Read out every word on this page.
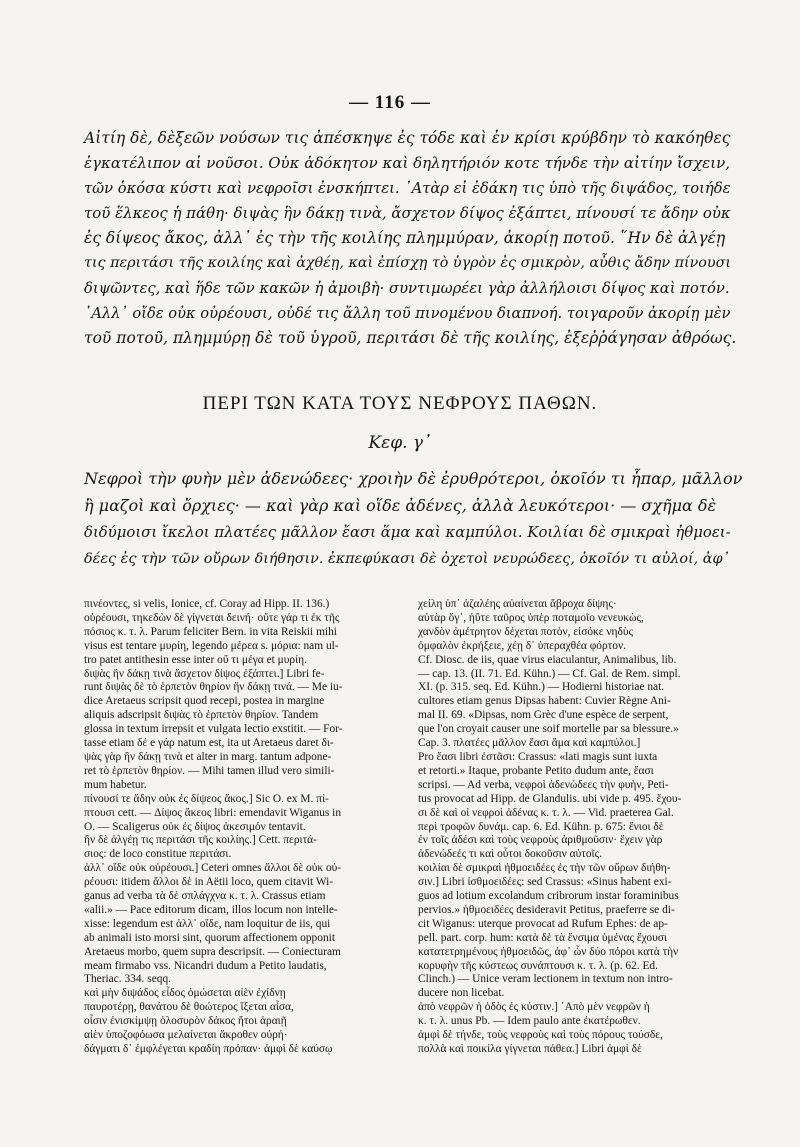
— 116 —
Αἰτίη δὲ, δὲξεῶν νούσων τις ἀπέσκηψε ἐς τόδε καὶ ἐν κρίσι κρύβδην τὸ κακόηθες
ἐγκατέλιπον αἱ νοῦσοι. Οὐκ ἀδόκητον καὶ δηλητήριόν κοτε τήνδε τὴν αἰτίην ἴσχειν,
τῶν ὁκόσα κύστι καὶ νεφροῖσι ἐνσκήπτει. ᾽Ατὰρ εἰ ἐδάκη τις ὑπὸ τῆς διψάδος, τοιήδε
τοῦ ἕλκεος ἡ πάθη· διψὰς ἣν δάκῃ τινὰ, ἄσχετον δίψος ἐξάπτει, πίνουσί τε ἄδην οὐκ
ἐς δίψεος ἄκος, ἀλλ᾽ ἐς τὴν τῆς κοιλίης πλημμύραν, ἀκορίῃ ποτοῦ. ῞Ην δὲ ἀλγέῃ
τις περιτάσι τῆς κοιλίης καὶ ἀχθέῃ, καὶ ἐπίσχῃ τὸ ὑγρὸν ἐς σμικρὸν, αὖθις ἄδην πίνουσι
διψῶντες, καὶ ἥδε τῶν κακῶν ἡ ἀμοιβὴ· συντιμωρέει γὰρ ἀλλήλοισι δίψος καὶ ποτόν.
᾽Αλλ᾽ οἴδε οὐκ οὐρέουσι, οὐδέ τις ἄλλη τοῦ πινομένου διαπνοή. τοιγαροῦν ἀκορίῃ μὲν
τοῦ ποτοῦ, πλημμύρῃ δὲ τοῦ ὑγροῦ, περιτάσι δὲ τῆς κοιλίης, ἐξεῤῥάγησαν ἀθρόως.
ΠΕΡΙ ΤΩΝ ΚΑΤΑ ΤΟΥΣ ΝΕΦΡΟΥΣ ΠΑΘΩΝ.
Κεφ. γ᾽
Νεφροὶ τὴν φυὴν μὲν ἀδενώδεες· χροιὴν δὲ ἐρυθρότεροι, ὁκοῖόν τι ἧπαρ, μᾶλλον
ἢ μαζοὶ καὶ ὄρχιες· — καὶ γὰρ καὶ οἵδε ἀδένες, ἀλλὰ λευκότεροι· — σχῆμα δὲ
διδύμοισι ἴκελοι πλατέες μᾶλλον ἔασι ἅμα καὶ καμπύλοι. Κοιλίαι δὲ σμικραὶ ἠθμοει-
δέες ἐς τὴν τῶν οὔρων διήθησιν. ἐκπεφύκασι δὲ ὀχετοὶ νευρώδεες, ὁκοῖόν τι αὐλοί, ἀφ᾽
πινέοντες, si velis, Ionice, cf. Coray ad Hipp. II. 136.)
οὐρέουσι, τηκεδὼν δὲ γίγνεται δεινή· οὔτε γάρ τι ἐκ τῆς
πόσιος κ. τ. λ. Parum feliciter Bern. in vita Reiskii mihi
visus est tentare μυρίη, legendo μέρεα s. μόρια: nam ul-
tro patet antithesin esse inter οὔ τι μέγα et μυρίη.
διψὰς ἣν δάκῃ τινὰ ἄσχετον δίψος ἐξάπτει.] Libri fe-
runt διψὰς δὲ τὸ ἑρπετὸν θηρίον ἣν δάκῃ τινά. — Me iu-
dice Aretaeus scripsit quod recepi, postea in margine
aliquis adscripsit διψὰς τὸ ἑρπετὸν θηρίον. Tandem
glossa in textum irrepsit et vulgata lectio exstitit. — For-
tasse etiam δέ e γάρ natum est, ita ut Aretaeus daret δι-
ψὰς γὰρ ἣν δάκῃ τινὰ et alter in marg. tantum adpone-
ret τὸ ἑρπετὸν θηρίον. — Mihi tamen illud vero simili-
mum habetur.
πίνουσί τε ἄδην οὐκ ἐς δίψεος ἄκος.] Sic O. ex M. πί-
πτουσι cett. — Δίψος ἄκεος libri: emendavit Wiganus in
O. — Scaligerus οὐκ ἐς δίψος ἀκεσιμόν tentavit.
ἢν δὲ ἀλγέῃ τις περιτάσι τῆς κοιλίης.] Cett. περιτά-
σιος: de loco constitue περιτάσι.
ἀλλ᾽ οἵδε οὐκ οὐρέουσι.] Ceteri omnes ἄλλοι δὲ οὐκ οὐ-
ρέουσι: itidem ἄλλοι δὲ in Aëtii loco, quem citavit Wi-
ganus ad verba τὰ δὲ σπλάγχνα κ. τ. λ. Crassus etiam
«alii.» — Pace editorum dicam, illos locum non intelle-
xisse: legendum est ἀλλ᾽ οἵδε, nam loquitur de iis, qui
ab animali isto morsi sint, quorum affectionem opponit
Aretaeus morbo, quem supra descripsit. — Coniecturam
meam firmabo vss. Nicandri dudum a Petito laudatis,
Theriac. 334. seqq.
καὶ μὴν διψάδος εἶδος ὁμώσεται αἰὲν ἐχίδνῃ
παυροτέρῃ, θανάτου δὲ θοώτερος ἵξεται αἶσα,
οἷσιν ἐνισκίμψῃ ὀλοσυρὸν δάκος ἤτοι ἀραιῇ
αἰὲν ὑποζοφόωσα μελαίνεται ἄκροθεν οὐρή·
δάγματι δ᾽ ἐμφλέγεται κραδίη πρόπαν· ἀμφὶ δὲ καύσῳ
χείλη ὑπ᾽ ἀζαλέης αὐαίνεται ἄβροχα δίψης·
αὐτὰρ ὅγ᾽, ἠΰτε ταῦρος ὑπὲρ ποταμοῖο νενευκὼς,
χανδὸν ἀμέτρητον δέχεται ποτὸν, εἰσόκε νηδὺς
ὀμφαλὸν ἐκρήξειε, χέῃ δ᾽ ὑπεραχθέα φόρτον.
Cf. Diosc. de iis, quae virus eiaculantur, Animalibus, lib.
— cap. 13. (II. 71. Ed. Kühn.) — Cf. Gal. de Rem. simpl.
XI. (p. 315. seq. Ed. Kühn.) — Hodierni historiae nat.
cultores etiam genus Dipsas habent: Cuvier Règne Ani-
mal II. 69. «Dipsas, nom Grèc d'une espèce de serpent,
que l'on croyait causer une soif mortelle par sa blessure.»
Cap. 3. πλατέες μᾶλλον ἔασι ἅμα καὶ καμπύλοι.]
Pro ἔασι libri ἐστᾶσι: Crassus: «lati magis sunt iuxta
et retorti.» Itaque, probante Petito dudum ante, ἔασι
scripsi. — Ad verba, νεφροὶ ἀδενώδεες τὴν φυὴν, Peti-
tus provocat ad Hipp. de Glandulis. ubi vide p. 495. ἔχου-
σι δὲ καὶ οἱ νεφροὶ ἀδένας κ. τ. λ. — Vid. praeterea Gal.
περὶ τροφῶν δυνάμ. cap. 6. Ed. Kühn. p. 675: ἔνιοι δὲ
ἐν τοῖς ἀδέσι καὶ τοὺς νεφροὺς ἀριθμοῦσιν· ἔχειν γὰρ
ἀδενώδεές τι καὶ οὗτοι δοκοῦσιν αὐτοῖς.
κοιλίαι δὲ σμικραὶ ἠθμοειδέες ἐς τὴν τῶν οὔρων διήθη-
σιν.] Libri ἰσθμοειδέες: sed Crassus: «Sinus habent exi-
guos ad lotium excolandum cribrorum instar foraminibus
pervios.» ἠθμοειδέες desideravit Petitus, praeferre se di-
cit Wiganus: uterque provocat ad Rufum Ephes: de ap-
pell. part. corp. hum: κατὰ δὲ τὰ ἔνσιμα ὑμένας ἔχουσι
κατατετρημένους ἠθμοειδῶς, ἀφ᾽ ὧν δύο πόροι κατὰ τὴν
κορυφὴν τῆς κύστεως συνάπτουσι κ. τ. λ. (p. 62. Ed.
Clinch.) — Unice veram lectionem in textum non intro-
ducere non licebat.
ἀπὸ νεφρῶν ἡ ὁδὸς ἐς κύστιν.] ᾽Απὸ μὲν νεφρῶν ἡ
κ. τ. λ. unus Pb. — Idem paulo ante ἐκατέρωθεν.
ἀμφὶ δὲ τήνδε, τοὺς νεφροὺς καὶ τοὺς πόρους τούσδε,
πολλὰ καὶ ποικίλα γίγνεται πάθεα.] Libri ἀμφὶ δὲ
